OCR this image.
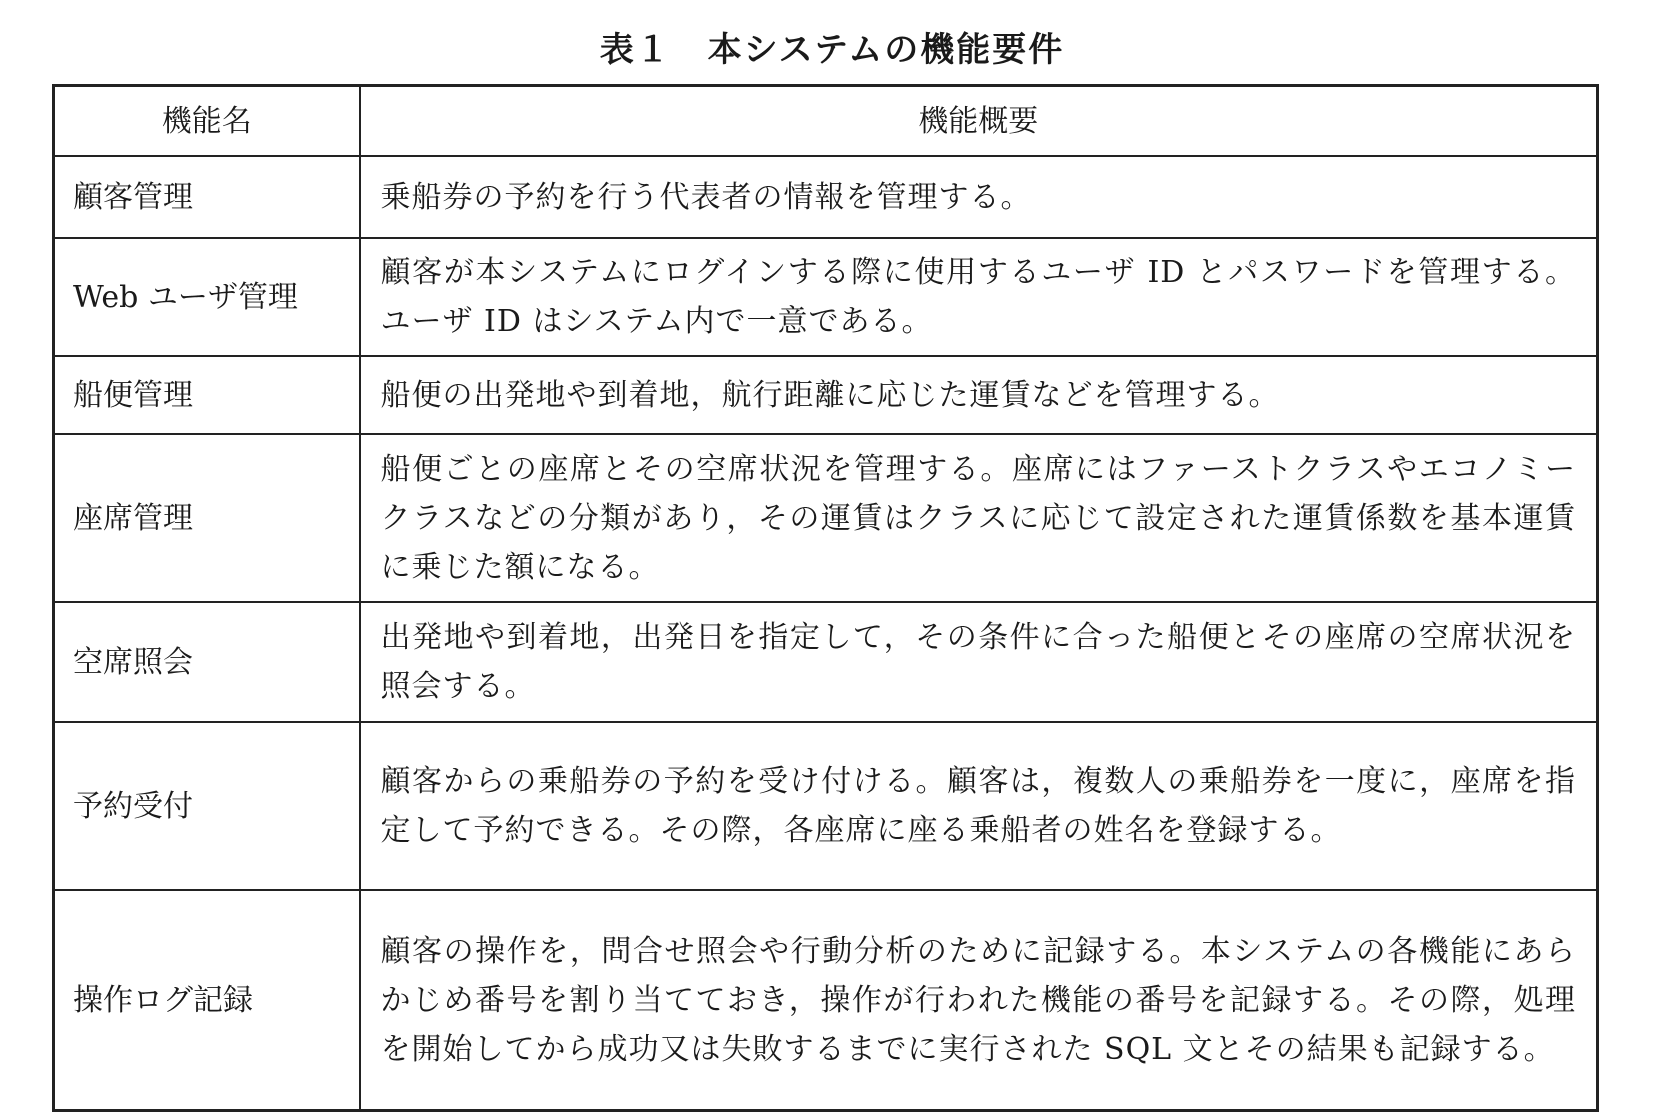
表１　本システムの機能要件
機能名	機能概要
顧客管理	乗船券の予約を行う代表者の情報を管理する。
Web ユーザ管理	顧客が本システムにログインする際に使用するユーザ ID とパスワードを管理する。ユーザ ID はシステム内で一意である。
船便管理	船便の出発地や到着地，航行距離に応じた運賃などを管理する。
座席管理	船便ごとの座席とその空席状況を管理する。座席にはファーストクラスやエコノミークラスなどの分類があり，その運賃はクラスに応じて設定された運賃係数を基本運賃に乗じた額になる。
空席照会	出発地や到着地，出発日を指定して，その条件に合った船便とその座席の空席状況を照会する。
予約受付	顧客からの乗船券の予約を受け付ける。顧客は，複数人の乗船券を一度に，座席を指定して予約できる。その際，各座席に座る乗船者の姓名を登録する。
操作ログ記録	顧客の操作を，問合せ照会や行動分析のために記録する。本システムの各機能にあらかじめ番号を割り当てておき，操作が行われた機能の番号を記録する。その際，処理を開始してから成功又は失敗するまでに実行された SQL 文とその結果も記録する。
